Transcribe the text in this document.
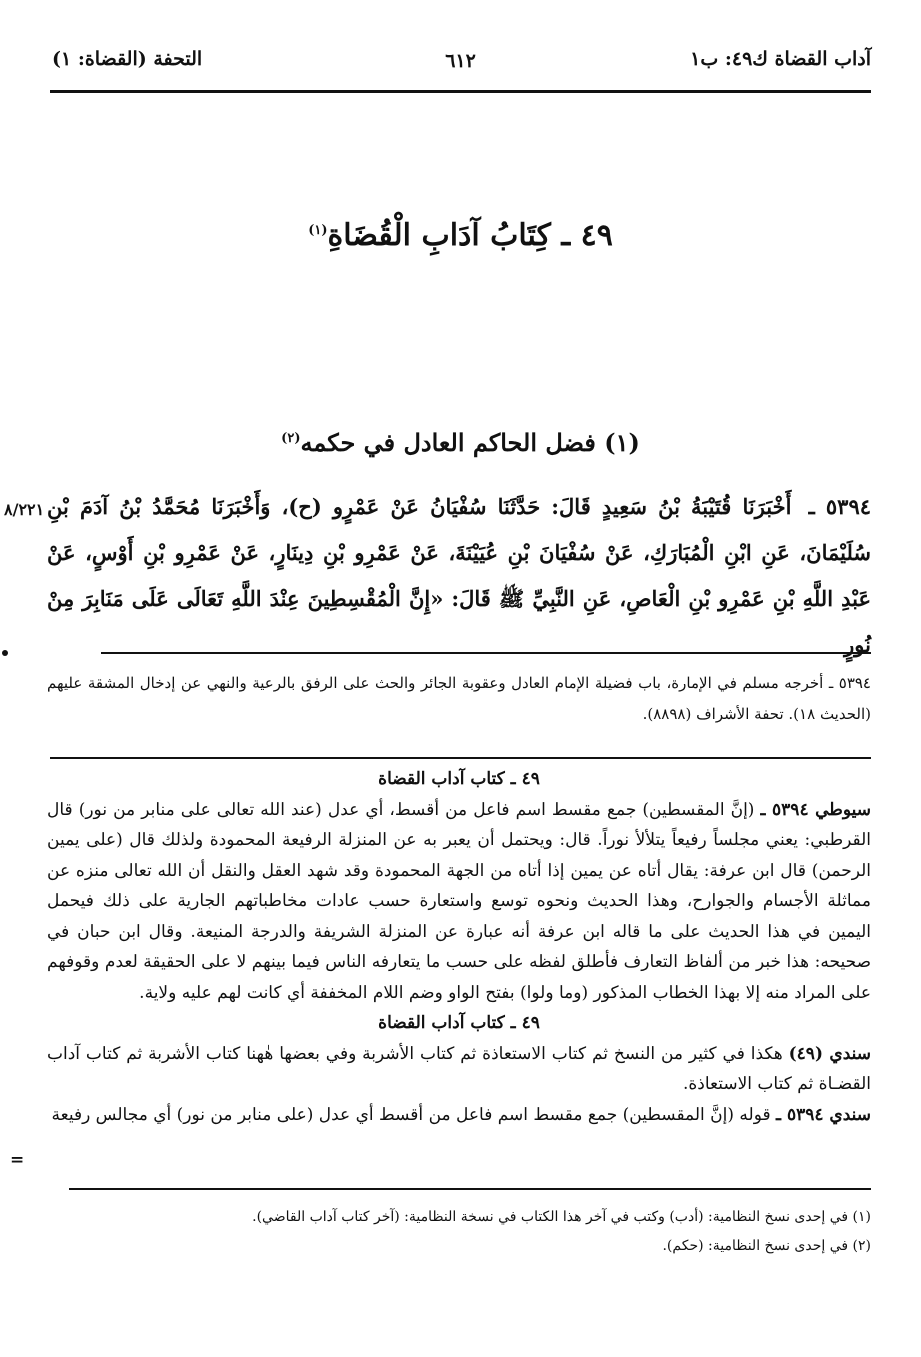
آداب القضاة ك٤٩: ب١
٦١٢
التحفة (القضاة: ١)
٤٩ ـ كِتَابُ آدَابِ الْقُضَاةِ$^{(١)}$
(١) فضل الحاكم العادل في حكمه$^{(٢)}$
٨/٢٢١	٥٣٩٤ ـ أَخْبَرَنَا قُتَيْبَةُ بْنُ سَعِيدٍ قَالَ: حَدَّثَنَا سُفْيَانُ عَنْ عَمْرٍو (ح)، وَأَخْبَرَنَا مُحَمَّدُ بْنُ آدَمَ بْنِ سُلَيْمَانَ، عَنِ ابْنِ الْمُبَارَكِ، عَنْ سُفْيَانَ بْنِ عُيَيْنَةَ، عَنْ عَمْرِو بْنِ دِينَارٍ، عَنْ عَمْرِو بْنِ أَوْسٍ، عَنْ عَبْدِ اللَّهِ بْنِ عَمْرِو بْنِ الْعَاصِ، عَنِ النَّبِيِّ ﷺ قَالَ: «إِنَّ الْمُقْسِطِينَ عِنْدَ اللَّهِ تَعَالَى عَلَى مَنَابِرَ مِنْ نُورٍ
٥٣٩٤ ـ أخرجه مسلم في الإمارة، باب فضيلة الإمام العادل وعقوبة الجائر والحث على الرفق بالرعية والنهي عن إدخال المشقة عليهم (الحديث ١٨). تحفة الأشراف (٨٨٩٨).

٤٩ ـ كتاب آداب القضاة

سيوطي ٥٣٩٤ ـ (إنَّ المقسطين) جمع مقسط اسم فاعل من أقسط، أي عدل (عند الله تعالى على منابر من نور) قال القرطبي: يعني مجلساً رفيعاً يتلألأ نوراً. قال: ويحتمل أن يعبر به عن المنزلة الرفيعة المحمودة ولذلك قال (على يمين الرحمن) قال ابن عرفة: يقال أتاه عن يمين إذا أتاه من الجهة المحمودة وقد شهد العقل والنقل أن الله تعالى منزه عن مماثلة الأجسام والجوارح، وهذا الحديث ونحوه توسع واستعارة حسب عادات مخاطباتهم الجارية على ذلك فيحمل اليمين في هذا الحديث على ما قاله ابن عرفة أنه عبارة عن المنزلة الشريفة والدرجة المنيعة. وقال ابن حبان في صحيحه: هذا خبر من ألفاظ التعارف فأطلق لفظه على حسب ما يتعارفه الناس فيما بينهم لا على الحقيقة لعدم وقوفهم على المراد منه إلا بهذا الخطاب المذكور (وما ولوا) بفتح الواو وضم اللام المخففة أي كانت لهم عليه ولاية.

٤٩ ـ كتاب آداب القضاة

سندي (٤٩) هكذا في كثير من النسخ ثم كتاب الاستعاذة ثم كتاب الأشربة وفي بعضها هٰهنا كتاب الأشربة ثم كتاب آداب القضـاة ثم كتاب الاستعاذة.

سندي ٥٣٩٤ ـ قوله (إنَّ المقسطين) جمع مقسط اسم فاعل من أقسط أي عدل (على منابر من نور) أي مجالس رفيعة

=

(١) في إحدى نسخ النظامية: (أدب) وكتب في آخر هذا الكتاب في نسخة النظامية: (آخر كتاب آداب القاضي).

(٢) في إحدى نسخ النظامية: (حكم).
